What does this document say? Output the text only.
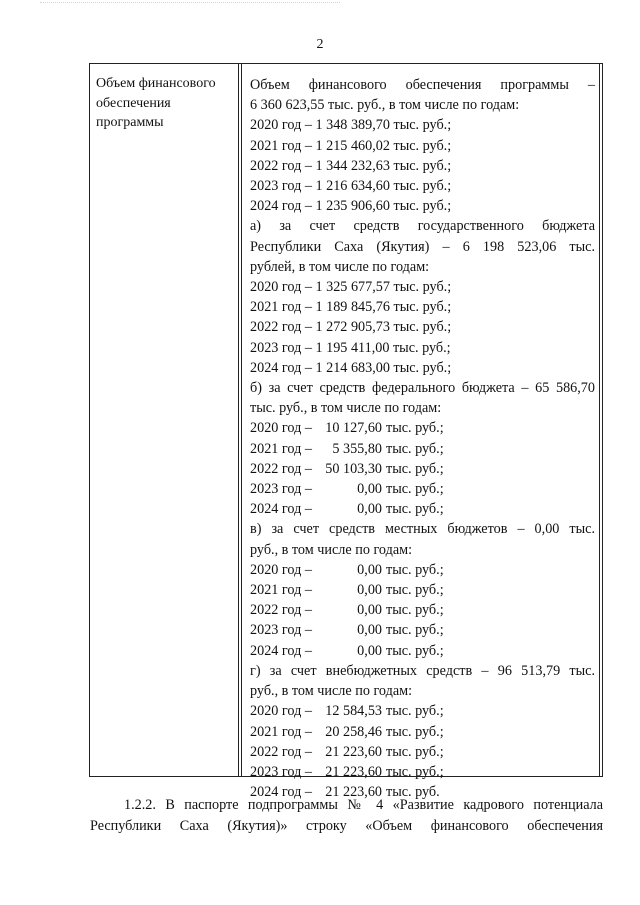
2
Объем финансового обеспечения программы

Объем финансового обеспечения программы –
6 360 623,55 тыс. руб., в том числе по годам:
2020 год – 1 348 389,70 тыс. руб.;
2021 год – 1 215 460,02 тыс. руб.;
2022 год – 1 344 232,63 тыс. руб.;
2023 год – 1 216 634,60 тыс. руб.;
2024 год – 1 235 906,60 тыс. руб.;
а) за счет средств государственного бюджета
Республики Саха (Якутия) – 6 198 523,06 тыс.
рублей, в том числе по годам:
2020 год – 1 325 677,57 тыс. руб.;
2021 год – 1 189 845,76 тыс. руб.;
2022 год – 1 272 905,73 тыс. руб.;
2023 год – 1 195 411,00 тыс. руб.;
2024 год – 1 214 683,00 тыс. руб.;
б) за счет средств федерального бюджета – 65 586,70
тыс. руб., в том числе по годам:
2020 год – 10 127,60 тыс. руб.;
2021 год – 5 355,80 тыс. руб.;
2022 год – 50 103,30 тыс. руб.;
2023 год –	0,00 тыс. руб.;
2024 год –	0,00 тыс. руб.;
в) за счет средств местных бюджетов – 0,00 тыс.
руб., в том числе по годам:
2020 год –	0,00 тыс. руб.;
2021 год –	0,00 тыс. руб.;
2022 год –	0,00 тыс. руб.;
2023 год –	0,00 тыс. руб.;
2024 год –	0,00 тыс. руб.;
г) за счет внебюджетных средств – 96 513,79 тыс.
руб., в том числе по годам:
2020 год – 12 584,53 тыс. руб.;
2021 год – 20 258,46 тыс. руб.;
2022 год – 21 223,60 тыс. руб.;
2023 год – 21 223,60 тыс. руб.;
2024 год – 21 223,60 тыс. руб.
1.2.2. В паспорте подпрограммы № 4 «Развитие кадрового потенциала
Республики Саха (Якутия)» строку «Объем финансового обеспечения
